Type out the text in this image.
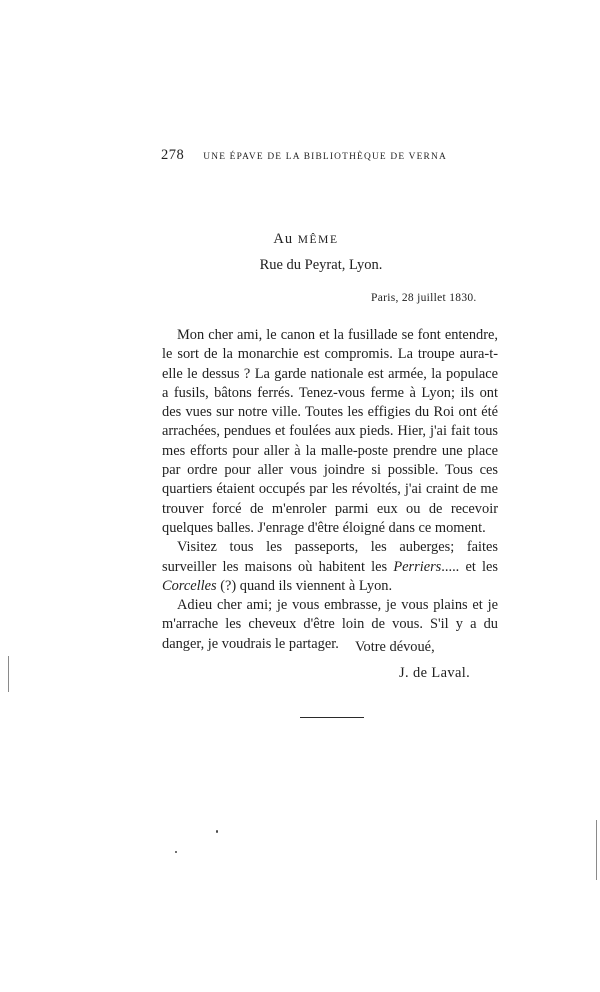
278 UNE ÉPAVE DE LA BIBLIOTHÈQUE DE VERNA
Au MÊME
Rue du Peyrat, Lyon.
Paris, 28 juillet 1830.

Mon cher ami, le canon et la fusillade se font entendre, le sort de la monarchie est compromis. La troupe aura-t-elle le dessus ? La garde nationale est armée, la populace a fusils, bâtons ferrés. Tenez-vous ferme à Lyon; ils ont des vues sur notre ville. Toutes les effigies du Roi ont été arrachées, pendues et foulées aux pieds. Hier, j'ai fait tous mes efforts pour aller à la malle-poste prendre une place par ordre pour aller vous joindre si possible. Tous ces quartiers étaient occupés par les révoltés, j'ai craint de me trouver forcé de m'enroler parmi eux ou de recevoir quelques balles. J'enrage d'être éloigné dans ce moment.

Visitez tous les passeports, les auberges; faites surveiller les maisons où habitent les Perriers..... et les Corcelles (?) quand ils viennent à Lyon.

Adieu cher ami; je vous embrasse, je vous plains et je m'arrache les cheveux d'être loin de vous. S'il y a du danger, je voudrais le partager.	Votre dévoué,
J. de Laval.
